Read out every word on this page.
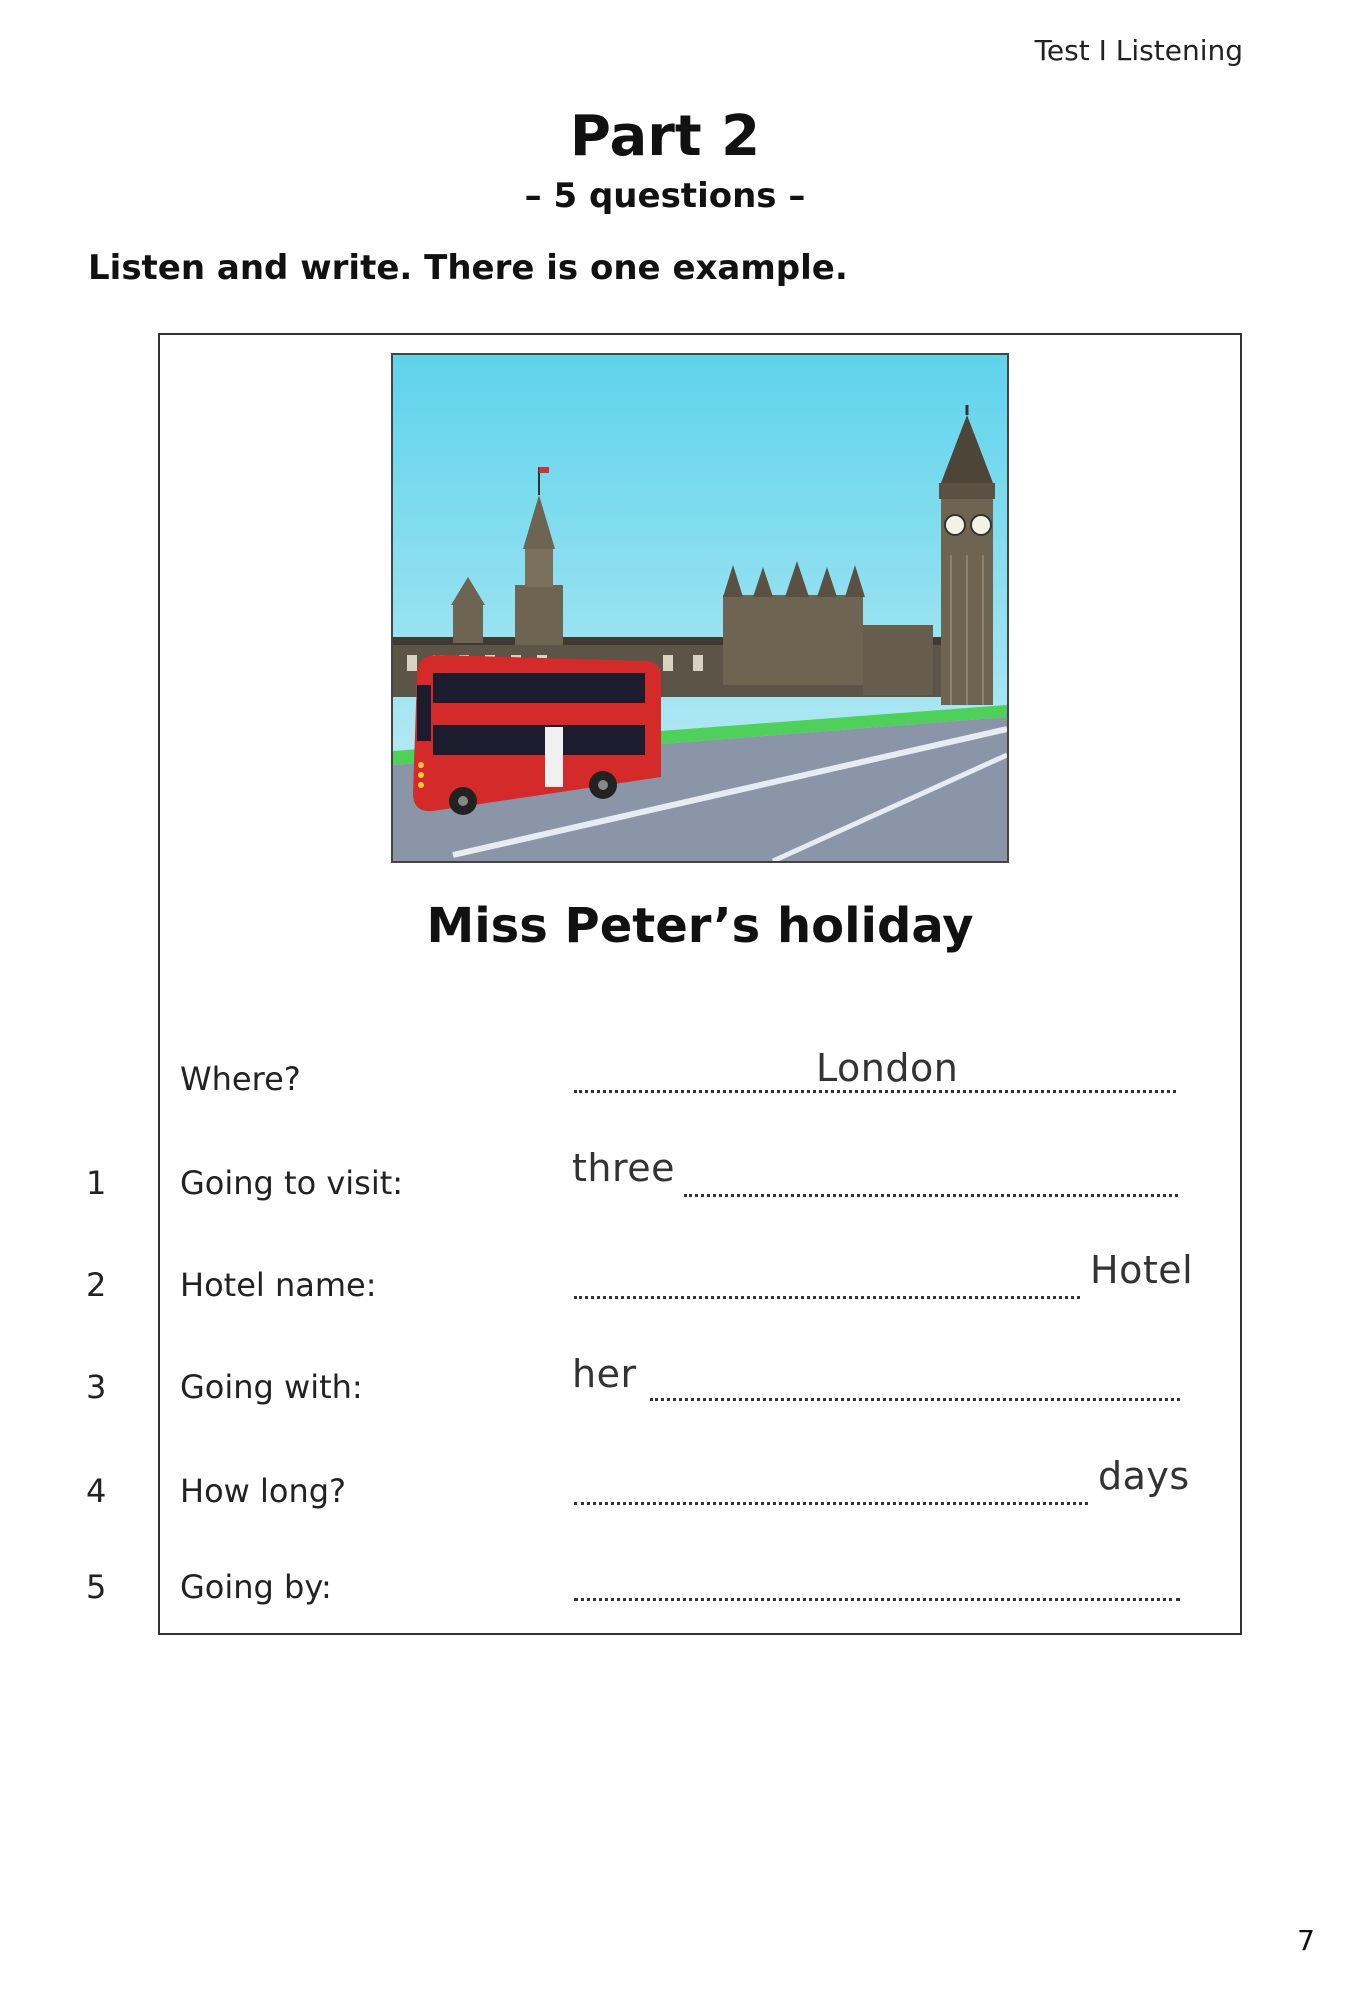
Test I Listening
Part 2
– 5 questions –
Listen and write. There is one example.
Miss Peter’s holiday
Where?	London
1	Going to visit:	three
2	Hotel name:	Hotel
3	Going with:	her
4	How long?	days
5	Going by:
7
